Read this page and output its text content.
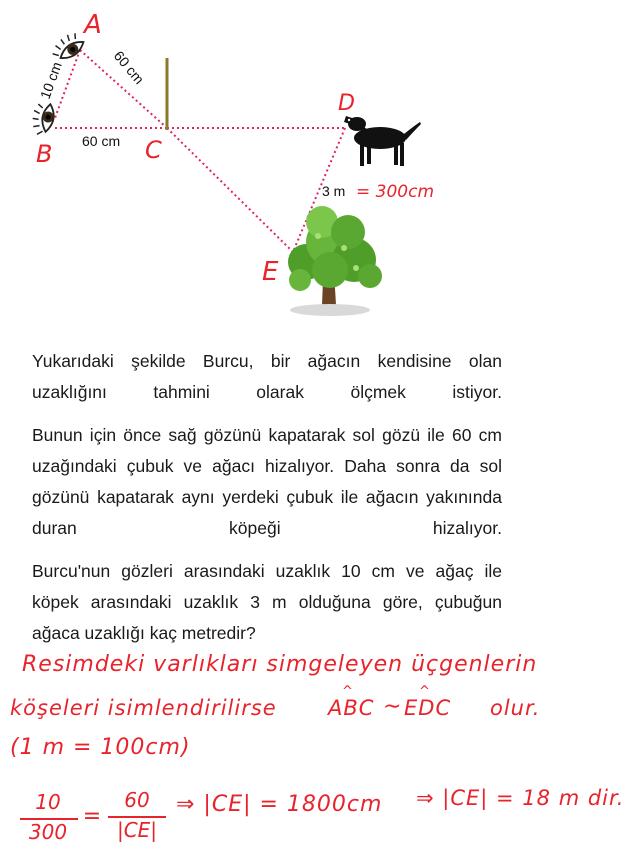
A
B	C
D
E
10 cm	60 cm
60 cm
3 m = 300cm
Yukarıdaki şekilde Burcu, bir ağacın kendisine olan uzaklığını tahmini olarak ölçmek istiyor.
Bunun için önce sağ gözünü kapatarak sol gözü ile 60 cm uzağındaki çubuk ve ağacı hizalıyor. Daha sonra da sol gözünü kapatarak aynı yerdeki çubuk ile ağacın yakınında duran köpeği hizalıyor.
Burcu'nun gözleri arasındaki uzaklık 10 cm ve ağaç ile köpek arasındaki uzaklık 3 m olduğuna göre, çubuğun ağaca uzaklığı kaç metredir?
Resimdeki varlıkları simgeleyen üçgenlerin
köşeleri isimlendirilirse
^
ABC ∼
^
EDC olur.
(1 m = 100cm)
10
300
=
60
|CE|
⇒ |CE| = 1800cm ⇒ |CE| = 18 m dir.
